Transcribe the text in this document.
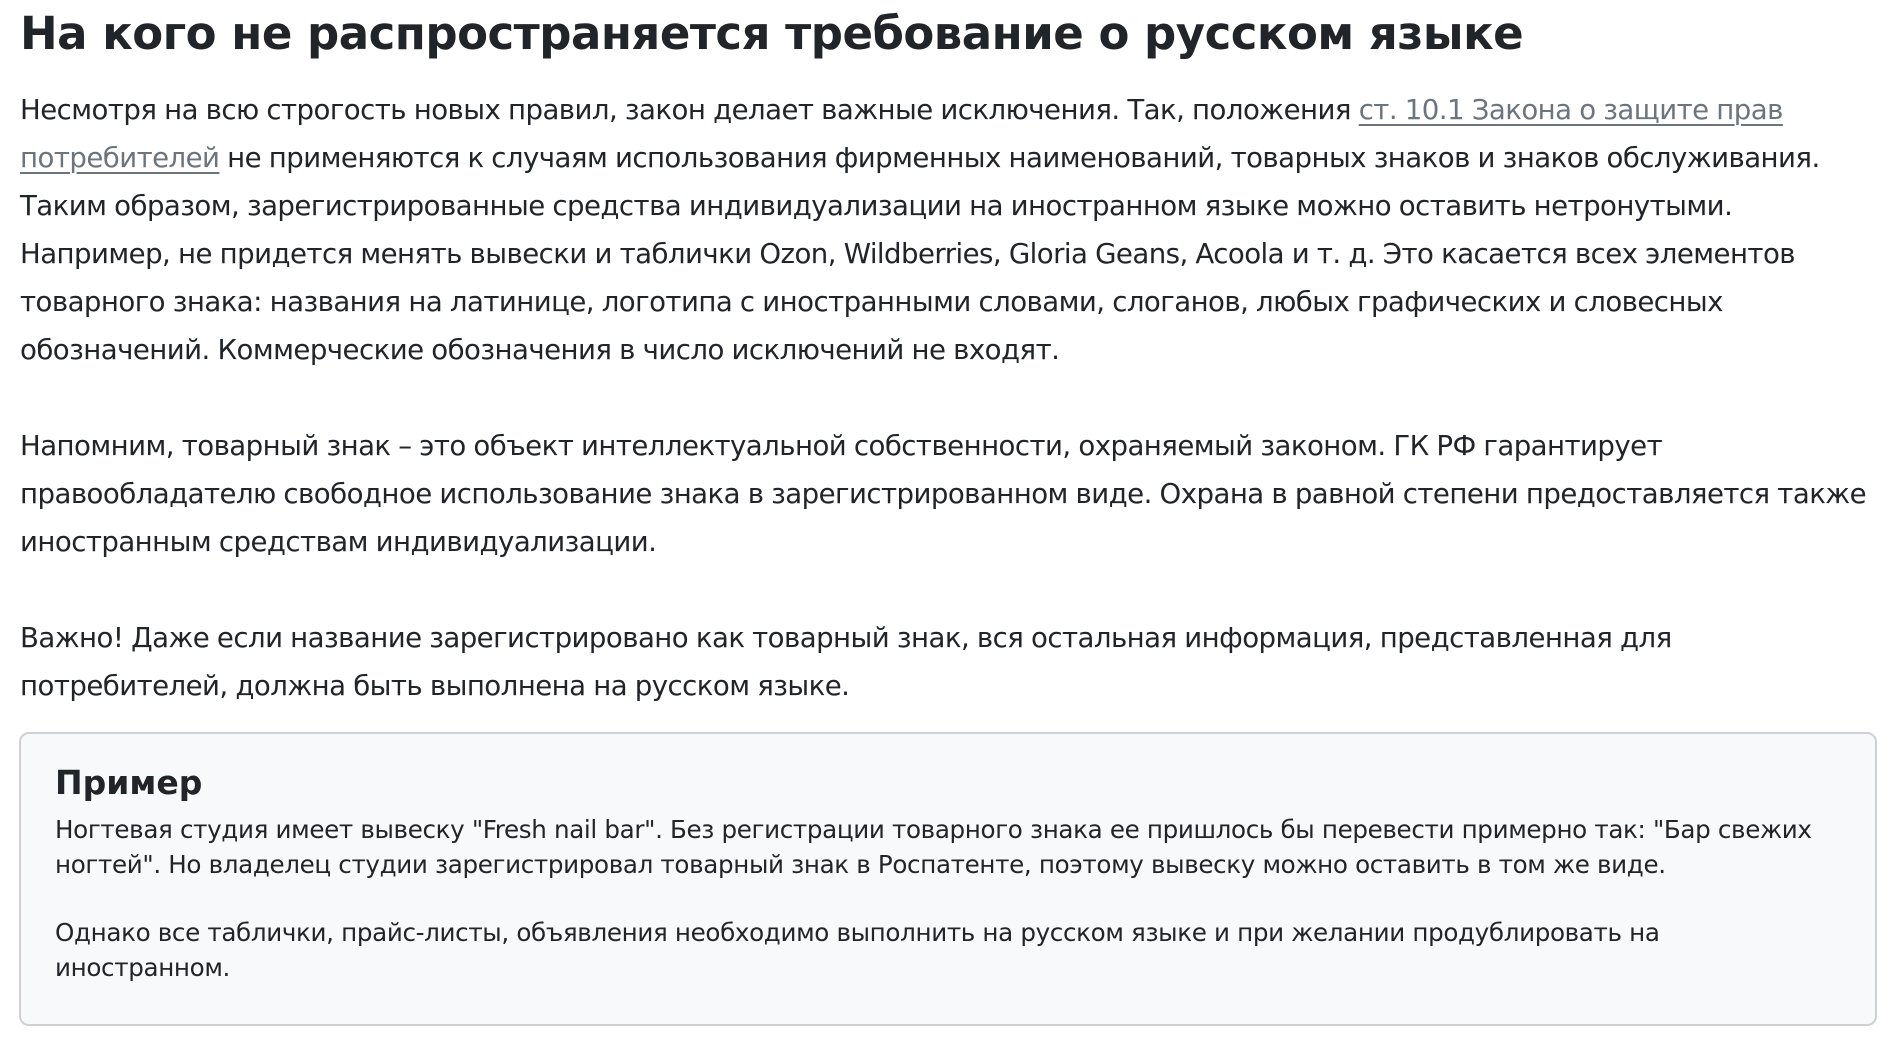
На кого не распространяется требование о русском языке

Несмотря на всю строгость новых правил, закон делает важные исключения. Так, положения ст. 10.1 Закона о защите прав потребителей не применяются к случаям использования фирменных наименований, товарных знаков и знаков обслуживания. Таким образом, зарегистрированные средства индивидуализации на иностранном языке можно оставить нетронутыми. Например, не придется менять вывески и таблички Ozon, Wildberries, Gloria Geans, Acoola и т. д. Это касается всех элементов товарного знака: названия на латинице, логотипа с иностранными словами, слоганов, любых графических и словесных обозначений. Коммерческие обозначения в число исключений не входят.

Напомним, товарный знак – это объект интеллектуальной собственности, охраняемый законом. ГК РФ гарантирует правообладателю свободное использование знака в зарегистрированном виде. Охрана в равной степени предоставляется также иностранным средствам индивидуализации.

Важно! Даже если название зарегистрировано как товарный знак, вся остальная информация, представленная для потребителей, должна быть выполнена на русском языке.

Пример

Ногтевая студия имеет вывеску "Fresh nail bar". Без регистрации товарного знака ее пришлось бы перевести примерно так: "Бар свежих ногтей". Но владелец студии зарегистрировал товарный знак в Роспатенте, поэтому вывеску можно оставить в том же виде.

Однако все таблички, прайс-листы, объявления необходимо выполнить на русском языке и при желании продублировать на иностранном.
